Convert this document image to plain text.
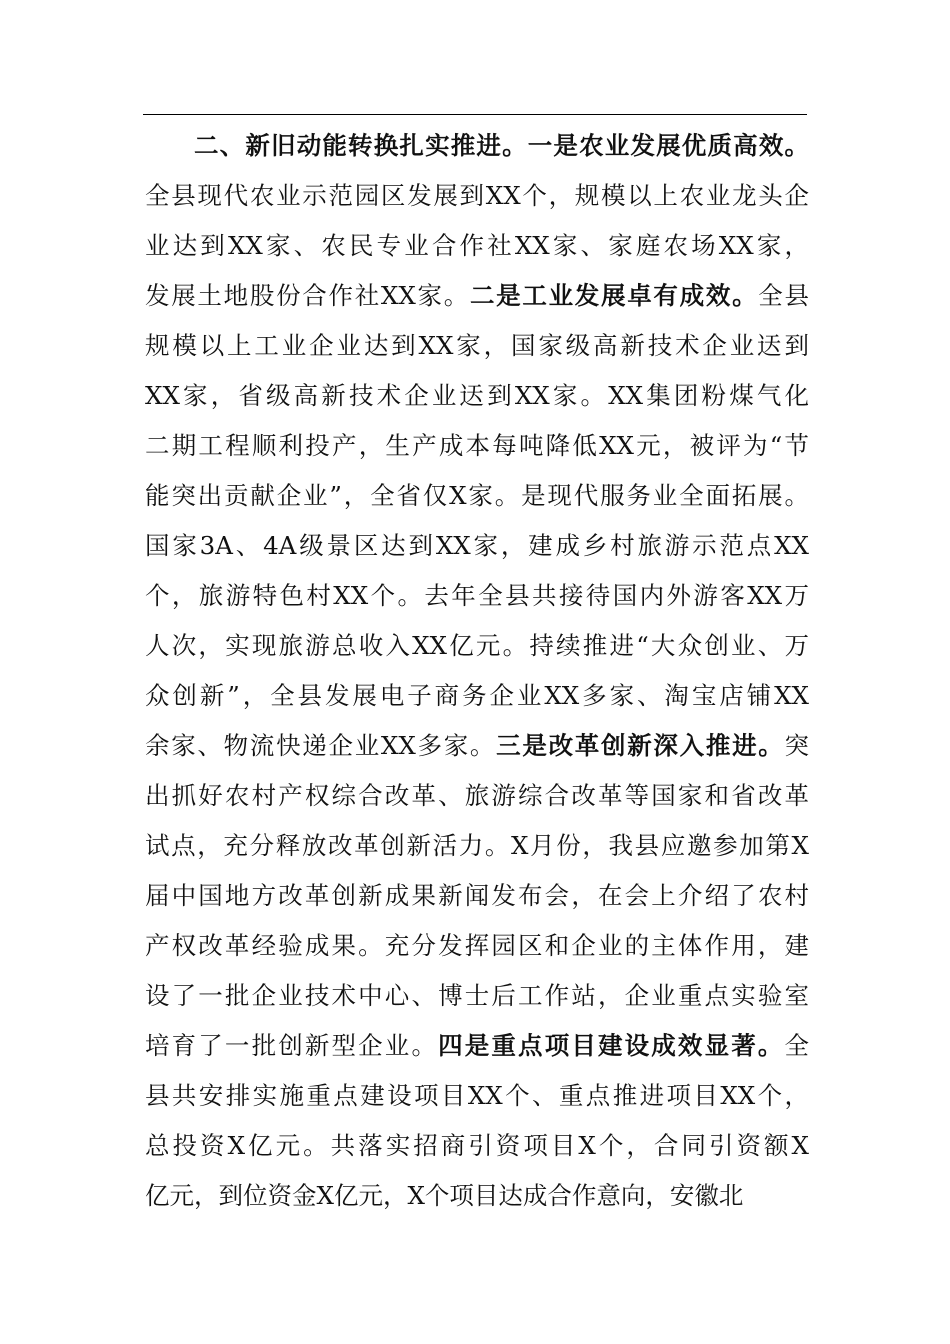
二、新旧动能转换扎实推进。一是农业发展优质高效。
全县现代农业示范园区发展到XX个，规模以上农业龙头企
业达到XX家、农民专业合作社XX家、家庭农场XX家，
发展土地股份合作社XX家。二是工业发展卓有成效。全县
规模以上工业企业达到XX家，国家级高新技术企业迗到
XX家，省级高新技术企业迗到XX家。XX集团粉煤气化
二期工程顺利投产，生产成本每吨降低XX元，被评为“节
能突出贡献企业”，全省仅X家。是现代服务业全面拓展。
国家3A、4A级景区达到XX家，建成乡村旅游示范点XX
个，旅游特色村XX个。去年全县共接待国内外游客XX万
人次，实现旅游总收入XX亿元。持续推进“大众创业、万
众创新”，全县发展电子商务企业XX多家、淘宝店铺XX
余家、物流快递企业XX多家。三是改革创新深入推进。突
出抓好农村产权综合改革、旅游综合改革等国家和省改革
试点，充分释放改革创新活力。X月份，我县应邀参加第X
届中国地方改革创新成果新闻发布会，在会上介绍了农村
产权改革经验成果。充分发挥园区和企业的主体作用，建
设了一批企业技术中心、博士后工作站，企业重点实验室
培育了一批创新型企业。四是重点项目建设成效显著。全
县共安排实施重点建设项目XX个、重点推进项目XX个，
总投资X亿元。共落实招商引资项目X个，合同引资额X
亿元，到位资金X亿元，X个项目达成合作意向，安徽北
